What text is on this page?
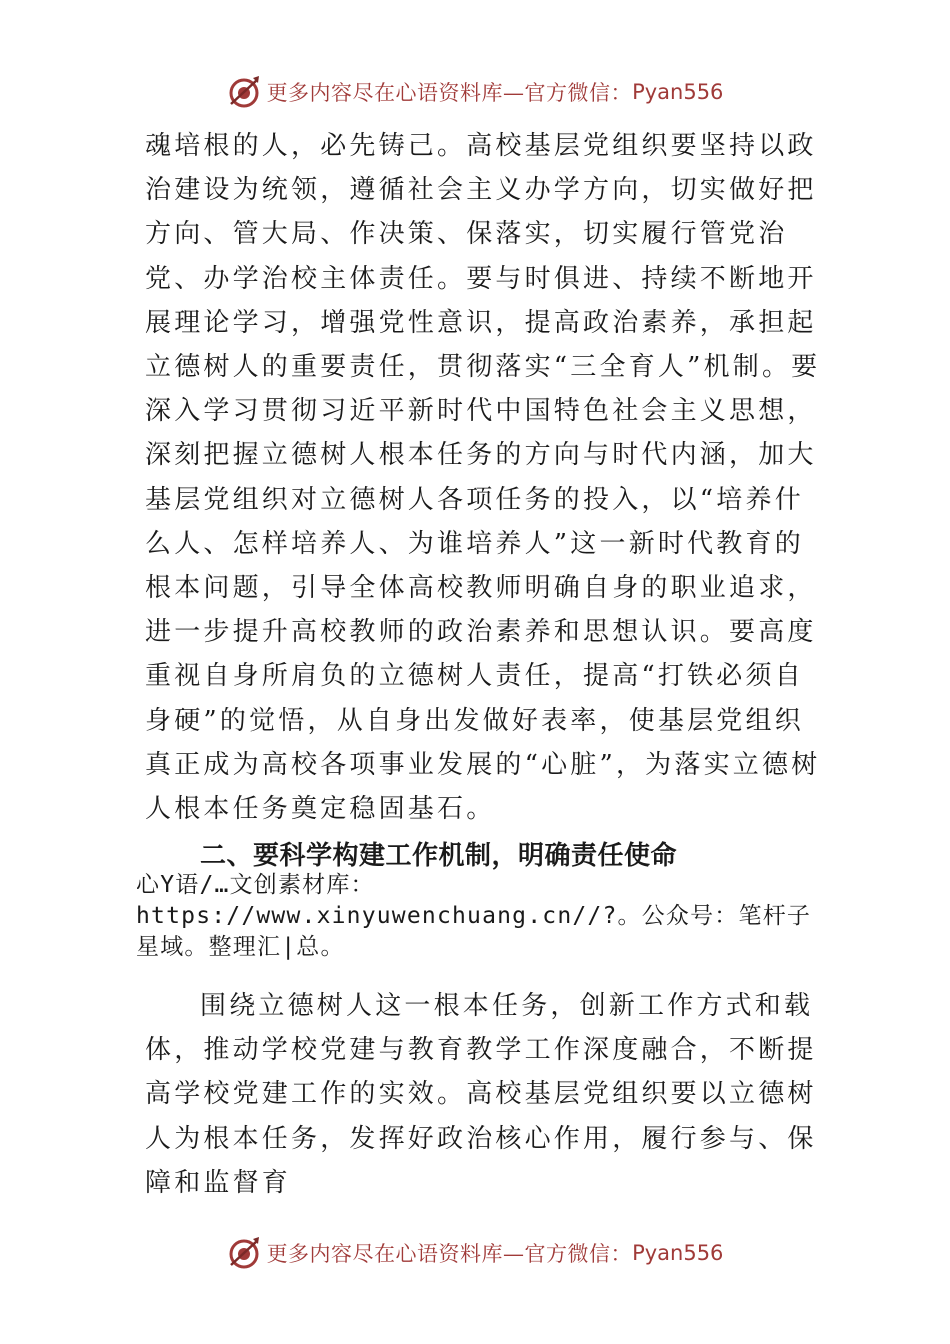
更多内容尽在心语资料库—官方微信： Pyan556

魂培根的人，必先铸己。高校基层党组织要坚持以政治建设为统领，遵循社会主义办学方向，切实做好把方向、管大局、作决策、保落实，切实履行管党治党、办学治校主体责任。要与时俱进、持续不断地开展理论学习，增强党性意识，提高政治素养，承担起立德树人的重要责任，贯彻落实“三全育人”机制。要深入学习贯彻习近平新时代中国特色社会主义思想，深刻把握立德树人根本任务的方向与时代内涵，加大基层党组织对立德树人各项任务的投入，以“培养什么人、怎样培养人、为谁培养人”这一新时代教育的根本问题，引导全体高校教师明确自身的职业追求，进一步提升高校教师的政治素养和思想认识。要高度重视自身所肩负的立德树人责任，提高“打铁必须自身硬”的觉悟，从自身出发做好表率，使基层党组织真正成为高校各项事业发展的“心脏”，为落实立德树人根本任务奠定稳固基石。

二、要科学构建工作机制，明确责任使命

心Y语/…文创素材库：https://www.xinyuwenchuang.cn//?。公众号：笔杆子星域。整理汇|总。

围绕立德树人这一根本任务，创新工作方式和载体，推动学校党建与教育教学工作深度融合，不断提高学校党建工作的实效。高校基层党组织要以立德树人为根本任务，发挥好政治核心作用，履行参与、保障和监督育

更多内容尽在心语资料库—官方微信： Pyan556
